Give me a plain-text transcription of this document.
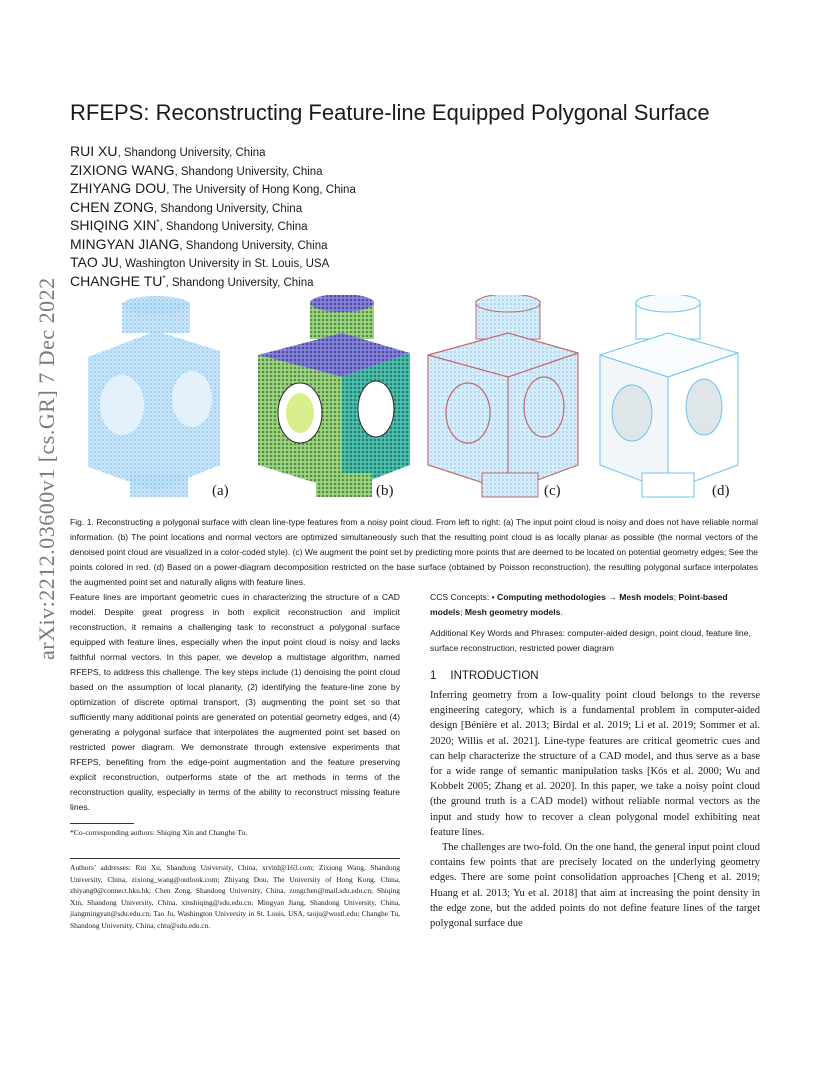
arXiv:2212.03600v1 [cs.GR] 7 Dec 2022
RFEPS: Reconstructing Feature-line Equipped Polygonal Surface
RUI XU, Shandong University, China
ZIXIONG WANG, Shandong University, China
ZHIYANG DOU, The University of Hong Kong, China
CHEN ZONG, Shandong University, China
SHIQING XIN*, Shandong University, China
MINGYAN JIANG, Shandong University, China
TAO JU, Washington University in St. Louis, USA
CHANGHE TU*, Shandong University, China
(a)	(b)	(c)	(d)
Fig. 1. Reconstructing a polygonal surface with clean line-type features from a noisy point cloud. From left to right: (a) The input point cloud is noisy and does not have reliable normal information. (b) The point locations and normal vectors are optimized simultaneously such that the resulting point cloud is as locally planar as possible (the normal vectors of the denoised point cloud are visualized in a color-coded style). (c) We augment the point set by predicting more points that are deemed to be located on potential geometry edges; See the points colored in red. (d) Based on a power-diagram decomposition restricted on the base surface (obtained by Poisson reconstruction), the resulting polygonal surface interpolates the augmented point set and naturally aligns with feature lines.
Feature lines are important geometric cues in characterizing the structure of a CAD model. Despite great progress in both explicit reconstruction and implicit reconstruction, it remains a challenging task to reconstruct a polygonal surface equipped with feature lines, especially when the input point cloud is noisy and lacks faithful normal vectors. In this paper, we develop a multistage algorithm, named RFEPS, to address this challenge. The key steps include (1) denoising the point cloud based on the assumption of local planarity, (2) identifying the feature-line zone by optimization of discrete optimal transport, (3) augmenting the point set so that sufficiently many additional points are generated on potential geometry edges, and (4) generating a polygonal surface that interpolates the augmented point set based on restricted power diagram. We demonstrate through extensive experiments that RFEPS, benefiting from the edge-point augmentation and the feature preserving explicit reconstruction, outperforms state of the art methods in terms of the reconstruction quality, especially in terms of the ability to reconstruct missing feature lines.
*Co-corresponding authors: Shiqing Xin and Changhe Tu.
Authors’ addresses: Rui Xu, Shandong University, China, xrvitd@163.com; Zixiong Wang, Shandong University, China, zixiong_wang@outlook.com; Zhiyang Dou, The University of Hong Kong, China, zhiyang0@connect.hku.hk; Chen Zong, Shandong University, China, zongchen@mail.sdu.edu.cn; Shiqing Xin, Shandong University, China, xinshiqing@sdu.edu.cn; Mingyan Jiang, Shandong University, China, jiangmingyan@sdu.edu.cn; Tao Ju, Washington University in St. Louis, USA, taoju@wustl.edu; Changhe Tu, Shandong University, China, chtu@sdu.edu.cn.
CCS Concepts: • Computing methodologies → Mesh models; Point-based models; Mesh geometry models.
Additional Key Words and Phrases: computer-aided design, point cloud, feature line, surface reconstruction, restricted power diagram
1 INTRODUCTION

Inferring geometry from a low-quality point cloud belongs to the reverse engineering category, which is a fundamental problem in computer-aided design [Bénière et al. 2013; Birdal et al. 2019; Li et al. 2019; Sommer et al. 2020; Willis et al. 2021]. Line-type features are critical geometric cues and can help characterize the structure of a CAD model, and thus serve as a base for a wide range of semantic manipulation tasks [Kós et al. 2000; Wu and Kobbelt 2005; Zhang et al. 2020]. In this paper, we take a noisy point cloud (the ground truth is a CAD model) without reliable normal vectors as the input and study how to recover a clean polygonal model exhibiting neat feature lines.

The challenges are two-fold. On the one hand, the general input point cloud contains few points that are precisely located on the underlying geometry edges. There are some point consolidation approaches [Cheng et al. 2019; Huang et al. 2013; Yu et al. 2018] that aim at increasing the point density in the edge zone, but the added points do not define feature lines of the target polygonal surface due
